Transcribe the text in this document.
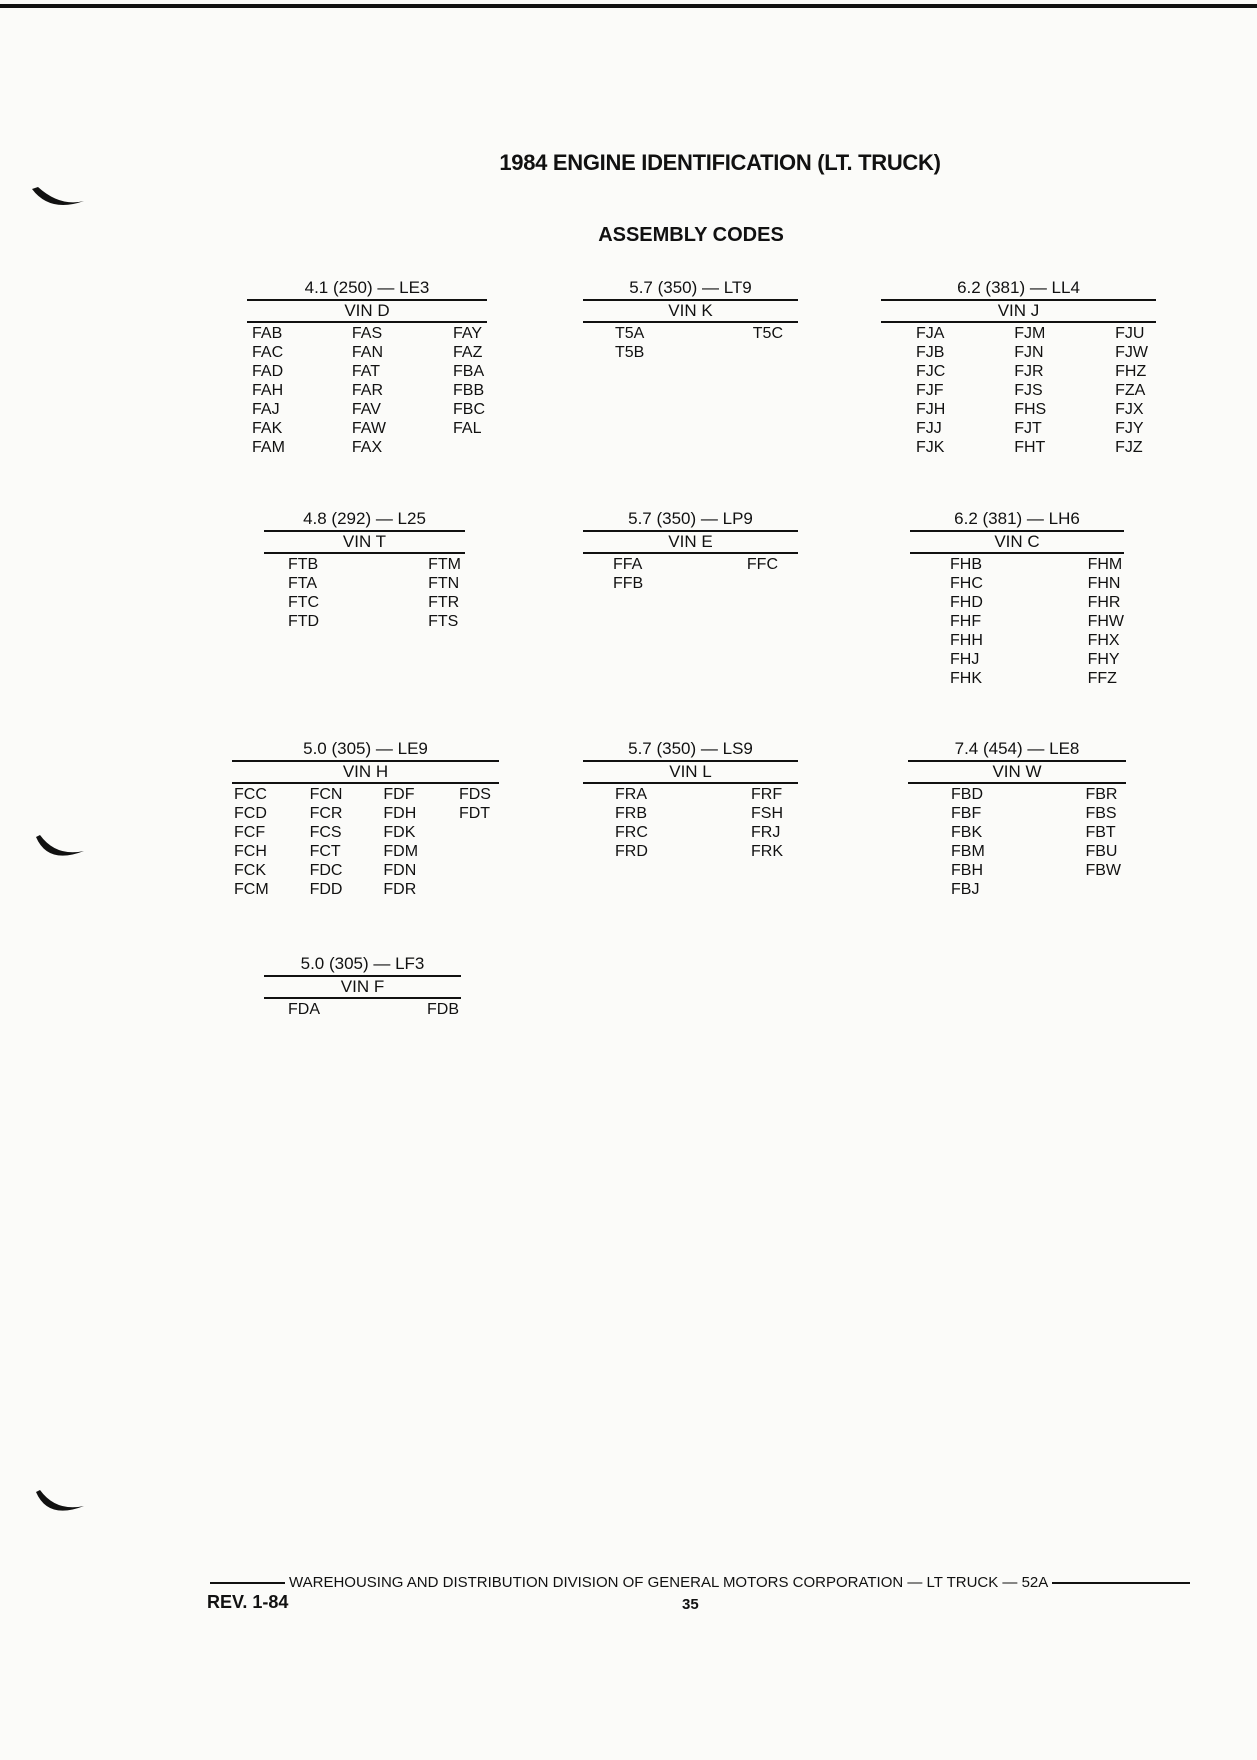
1984 ENGINE IDENTIFICATION (LT. TRUCK)
ASSEMBLY CODES
4.1 (250) — LE3
VIN D
FAB
FAC
FAD
FAH
FAJ
FAK
FAM
FAS
FAN
FAT
FAR
FAV
FAW
FAX
FAY
FAZ
FBA
FBB
FBC
FAL
5.7 (350) — LT9
VIN K
T5A
T5B
T5C
6.2 (381) — LL4
VIN J
FJA
FJB
FJC
FJF
FJH
FJJ
FJK
FJM
FJN
FJR
FJS
FHS
FJT
FHT
FJU
FJW
FHZ
FZA
FJX
FJY
FJZ
4.8 (292) — L25
VIN T
FTB
FTA
FTC
FTD
FTM
FTN
FTR
FTS
5.7 (350) — LP9
VIN E
FFA
FFB
FFC
6.2 (381) — LH6
VIN C
FHB
FHC
FHD
FHF
FHH
FHJ
FHK
FHM
FHN
FHR
FHW
FHX
FHY
FFZ
5.0 (305) — LE9
VIN H
FCC
FCD
FCF
FCH
FCK
FCM
FCN
FCR
FCS
FCT
FDC
FDD
FDF
FDH
FDK
FDM
FDN
FDR
FDS
FDT
5.7 (350) — LS9
VIN L
FRA
FRB
FRC
FRD
FRF
FSH
FRJ
FRK
7.4 (454) — LE8
VIN W
FBD
FBF
FBK
FBM
FBH
FBJ
FBR
FBS
FBT
FBU
FBW
5.0 (305) — LF3
VIN F
FDA	FDB
WAREHOUSING AND DISTRIBUTION DIVISION OF GENERAL MOTORS CORPORATION — LT TRUCK — 52A
REV. 1-84	35
